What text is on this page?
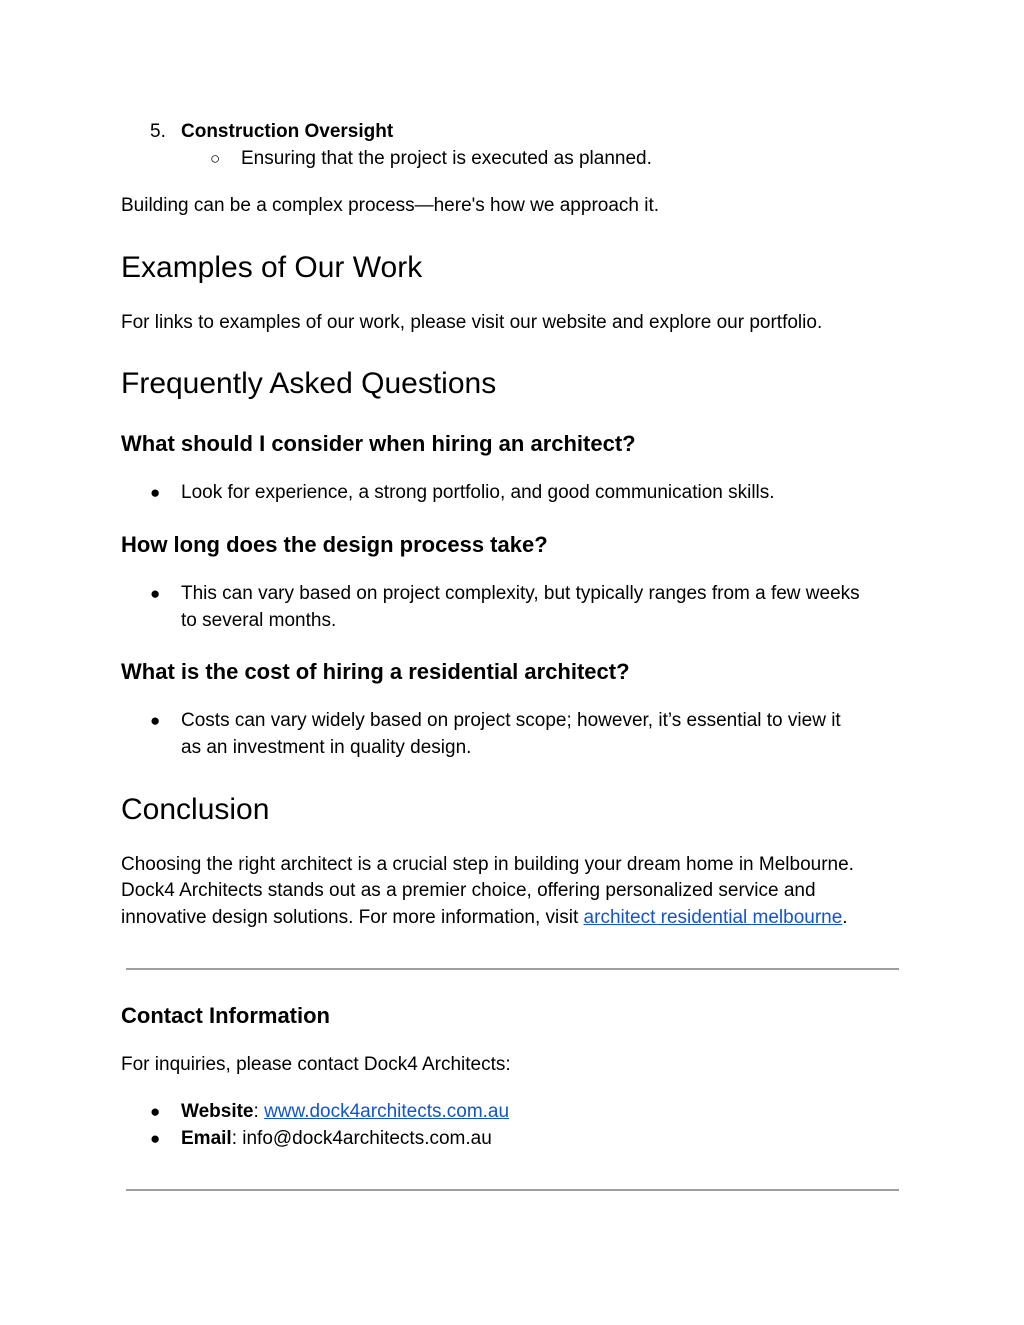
5. Construction Oversight
○ Ensuring that the project is executed as planned.
Building can be a complex process—here's how we approach it.
Examples of Our Work
For links to examples of our work, please visit our website and explore our portfolio.
Frequently Asked Questions
What should I consider when hiring an architect?
● Look for experience, a strong portfolio, and good communication skills.
How long does the design process take?
● This can vary based on project complexity, but typically ranges from a few weeks
to several months.
What is the cost of hiring a residential architect?
● Costs can vary widely based on project scope; however, it’s essential to view it
as an investment in quality design.
Conclusion
Choosing the right architect is a crucial step in building your dream home in Melbourne.
Dock4 Architects stands out as a premier choice, offering personalized service and
innovative design solutions. For more information, visit architect residential melbourne.
Contact Information
For inquiries, please contact Dock4 Architects:
● Website: www.dock4architects.com.au
● Email: info@dock4architects.com.au
